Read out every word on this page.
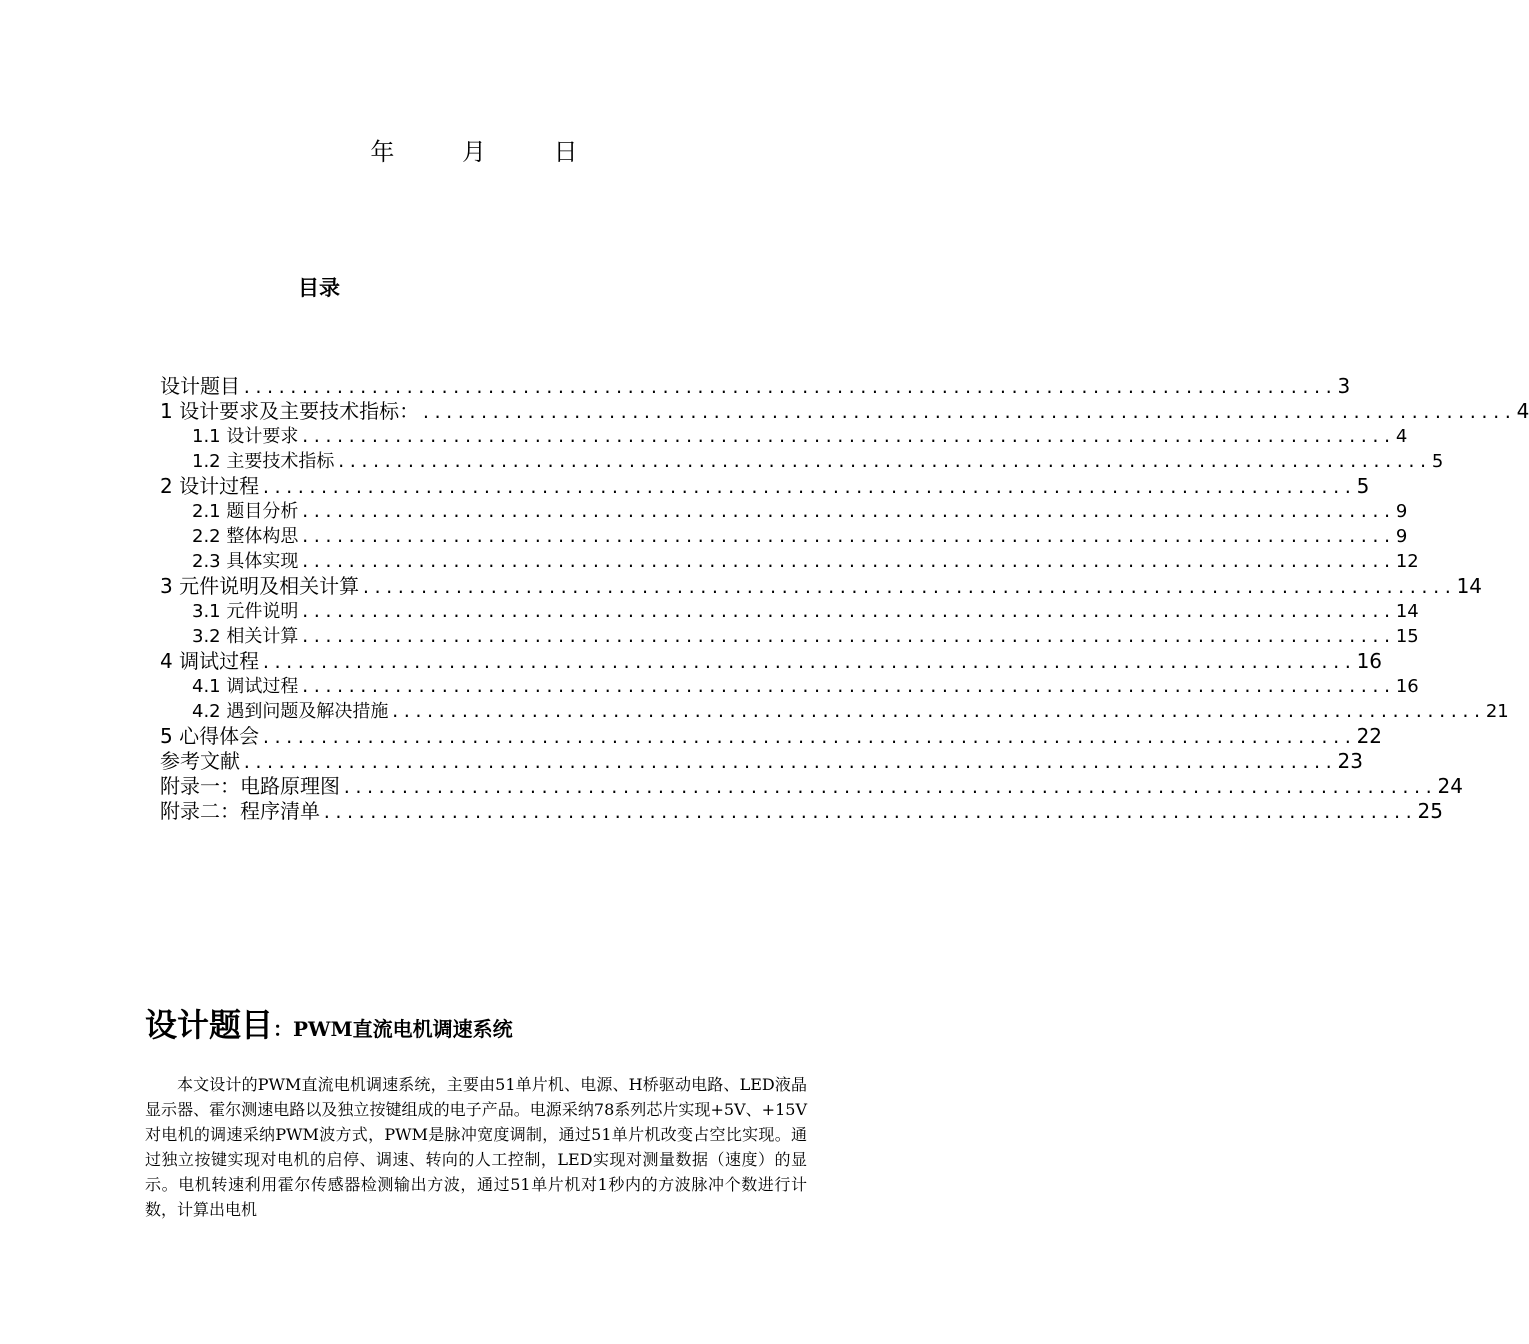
年	月	日
目录
设计题目 .............................................................................................. 3
1 设计要求及主要技术指标： .............................................................................................. 4
1.1 设计要求 .............................................................................................. 4
1.2 主要技术指标 .............................................................................................. 5
2 设计过程 .............................................................................................. 5
2.1 题目分析 .............................................................................................. 9
2.2 整体构思 .............................................................................................. 9
2.3 具体实现 .............................................................................................. 12
3 元件说明及相关计算 .............................................................................................. 14
3.1 元件说明 .............................................................................................. 14
3.2 相关计算 .............................................................................................. 15
4 调试过程 .............................................................................................. 16
4.1 调试过程 .............................................................................................. 16
4.2 遇到问题及解决措施 .............................................................................................. 21
5 心得体会 .............................................................................................. 22
参考文献 .............................................................................................. 23
附录一：电路原理图 .............................................................................................. 24
附录二：程序清单 .............................................................................................. 25
设计题目：PWM直流电机调速系统
本文设计的PWM直流电机调速系统，主要由51单片机、电源、H桥驱动电路、LED液晶显示器、霍尔测速电路以及独立按键组成的电子产品。电源采纳78系列芯片实现+5V、+15V对电机的调速采纳PWM波方式，PWM是脉冲宽度调制，通过51单片机改变占空比实现。通过独立按键实现对电机的启停、调速、转向的人工控制，LED实现对测量数据（速度）的显示。电机转速利用霍尔传感器检测输出方波，通过51单片机对1秒内的方波脉冲个数进行计数，计算出电机
